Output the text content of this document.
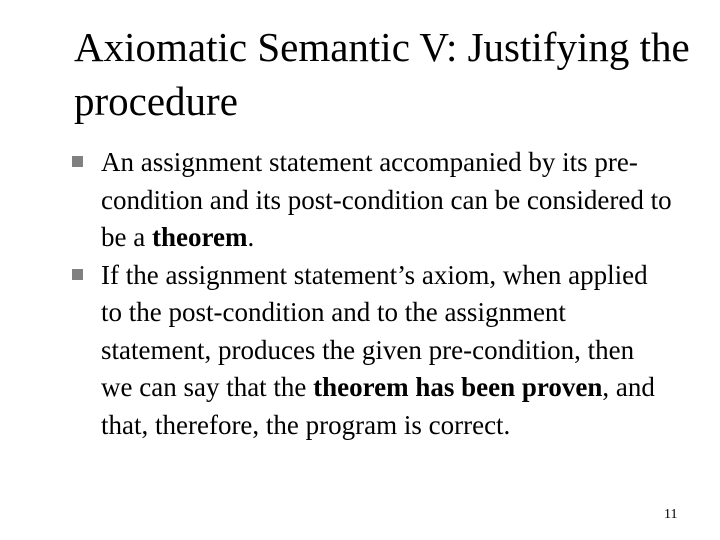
Axiomatic Semantic V: Justifying the procedure
An assignment statement accompanied by its pre-condition and its post-condition can be considered to be a theorem.
If the assignment statement’s axiom, when applied to the post-condition and to the assignment statement, produces the given pre-condition, then we can say that the theorem has been proven, and that, therefore, the program is correct.
11
